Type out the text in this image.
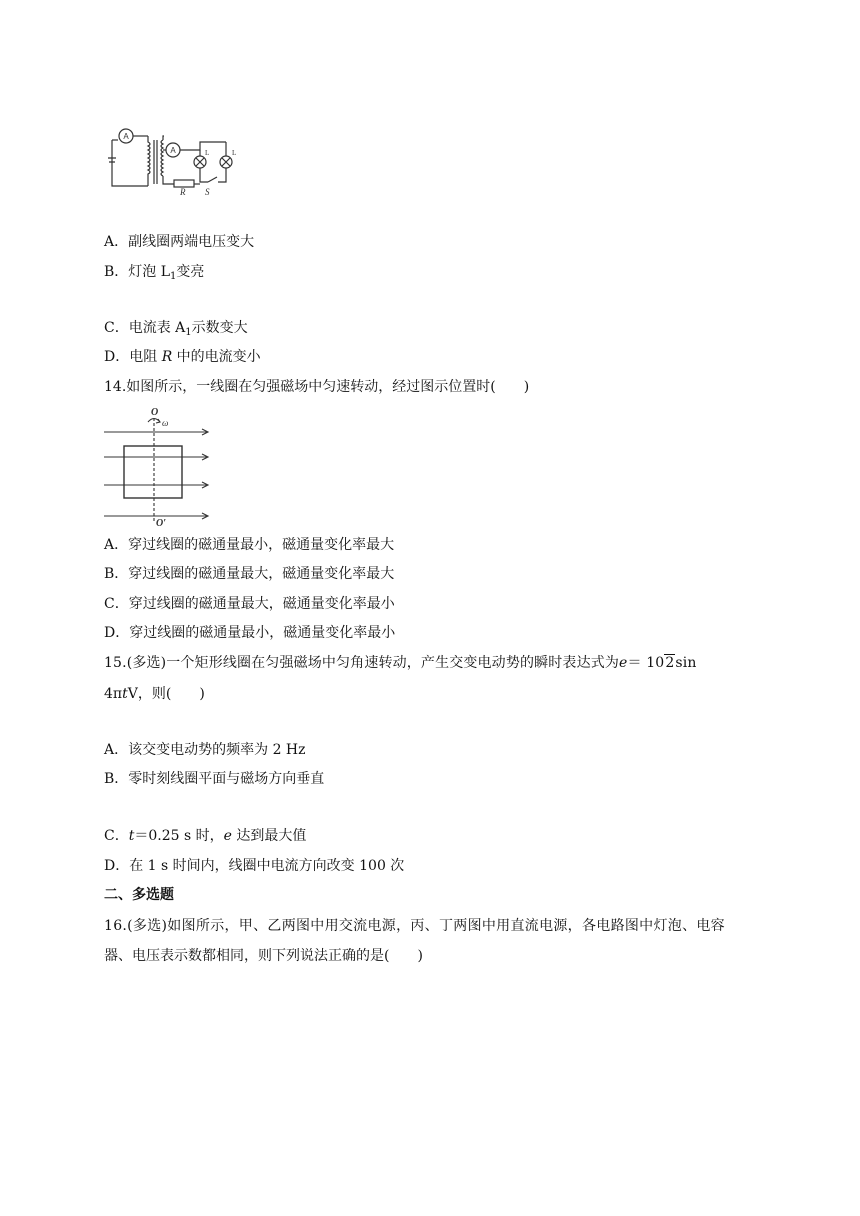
A
A
R S
L	L
A．副线圈两端电压变大
B．灯泡 $L_1$变亮
C．电流表 $A_1$示数变大
D．电阻 R 中的电流变小
14.如图所示，一线圈在匀强磁场中匀速转动，经过图示位置时(　　)
O
ω
O′
A．穿过线圈的磁通量最小，磁通量变化率最大
B．穿过线圈的磁通量最大，磁通量变化率最大
C．穿过线圈的磁通量最大，磁通量变化率最小
D．穿过线圈的磁通量最小，磁通量变化率最小
15.(多选)一个矩形线圈在匀强磁场中匀角速转动，产生交变电动势的瞬时表达式为e＝ 102sin
4πtV，则(　　)
A．该交变电动势的频率为 2 Hz
B．零时刻线圈平面与磁场方向垂直
C．t＝0.25 s 时，e 达到最大值
D．在 1 s 时间内，线圈中电流方向改变 100 次
二、多选题
16.(多选)如图所示，甲、乙两图中用交流电源，丙、丁两图中用直流电源，各电路图中灯泡、电容
器、电压表示数都相同，则下列说法正确的是(　　)
